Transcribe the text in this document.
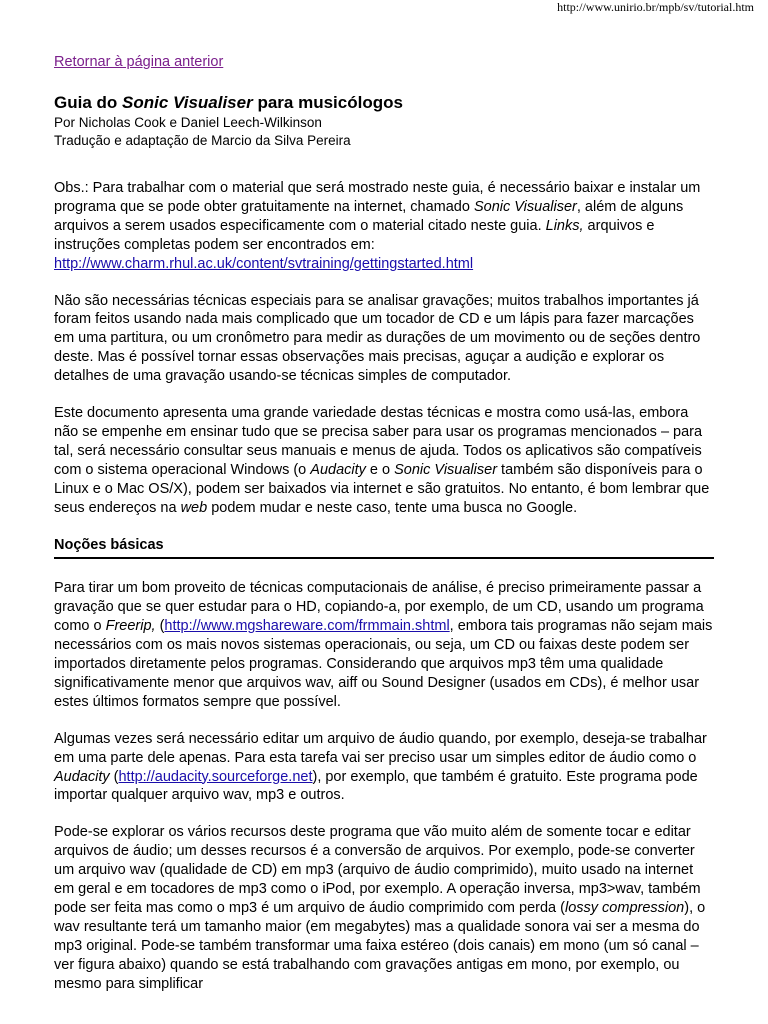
http://www.unirio.br/mpb/sv/tutorial.htm
Retornar à página anterior
Guia do Sonic Visualiser para musicólogos
Por Nicholas Cook e Daniel Leech-Wilkinson
Tradução e adaptação de Marcio da Silva Pereira

Obs.: Para trabalhar com o material que será mostrado neste guia, é necessário baixar e instalar um programa que se pode obter gratuitamente na internet, chamado Sonic Visualiser, além de alguns arquivos a serem usados especificamente com o material citado neste guia. Links, arquivos e instruções completas podem ser encontrados em:
http://www.charm.rhul.ac.uk/content/svtraining/gettingstarted.html

Não são necessárias técnicas especiais para se analisar gravações; muitos trabalhos importantes já foram feitos usando nada mais complicado que um tocador de CD e um lápis para fazer marcações em uma partitura, ou um cronômetro para medir as durações de um movimento ou de seções dentro deste. Mas é possível tornar essas observações mais precisas, aguçar a audição e explorar os detalhes de uma gravação usando-se técnicas simples de computador.

Este documento apresenta uma grande variedade destas técnicas e mostra como usá-las, embora não se empenhe em ensinar tudo que se precisa saber para usar os programas mencionados – para tal, será necessário consultar seus manuais e menus de ajuda. Todos os aplicativos são compatíveis com o sistema operacional Windows (o Audacity e o Sonic Visualiser também são disponíveis para o Linux e o Mac OS/X), podem ser baixados via internet e são gratuitos. No entanto, é bom lembrar que seus endereços na web podem mudar e neste caso, tente uma busca no Google.

Noções básicas

Para tirar um bom proveito de técnicas computacionais de análise, é preciso primeiramente passar a gravação que se quer estudar para o HD, copiando-a, por exemplo, de um CD, usando um programa como o Freerip, (http://www.mgshareware.com/frmmain.shtml, embora tais programas não sejam mais necessários com os mais novos sistemas operacionais, ou seja, um CD ou faixas deste podem ser importados diretamente pelos programas. Considerando que arquivos mp3 têm uma qualidade significativamente menor que arquivos wav, aiff ou Sound Designer (usados em CDs), é melhor usar estes últimos formatos sempre que possível.

Algumas vezes será necessário editar um arquivo de áudio quando, por exemplo, deseja-se trabalhar em uma parte dele apenas. Para esta tarefa vai ser preciso usar um simples editor de áudio como o Audacity (http://audacity.sourceforge.net), por exemplo, que também é gratuito. Este programa pode importar qualquer arquivo wav, mp3 e outros.

Pode-se explorar os vários recursos deste programa que vão muito além de somente tocar e editar arquivos de áudio; um desses recursos é a conversão de arquivos. Por exemplo, pode-se converter um arquivo wav (qualidade de CD) em mp3 (arquivo de áudio comprimido), muito usado na internet em geral e em tocadores de mp3 como o iPod, por exemplo. A operação inversa, mp3>wav, também pode ser feita mas como o mp3 é um arquivo de áudio comprimido com perda (lossy compression), o wav resultante terá um tamanho maior (em megabytes) mas a qualidade sonora vai ser a mesma do mp3 original. Pode-se também transformar uma faixa estéreo (dois canais) em mono (um só canal – ver figura abaixo) quando se está trabalhando com gravações antigas em mono, por exemplo, ou mesmo para simplificar
